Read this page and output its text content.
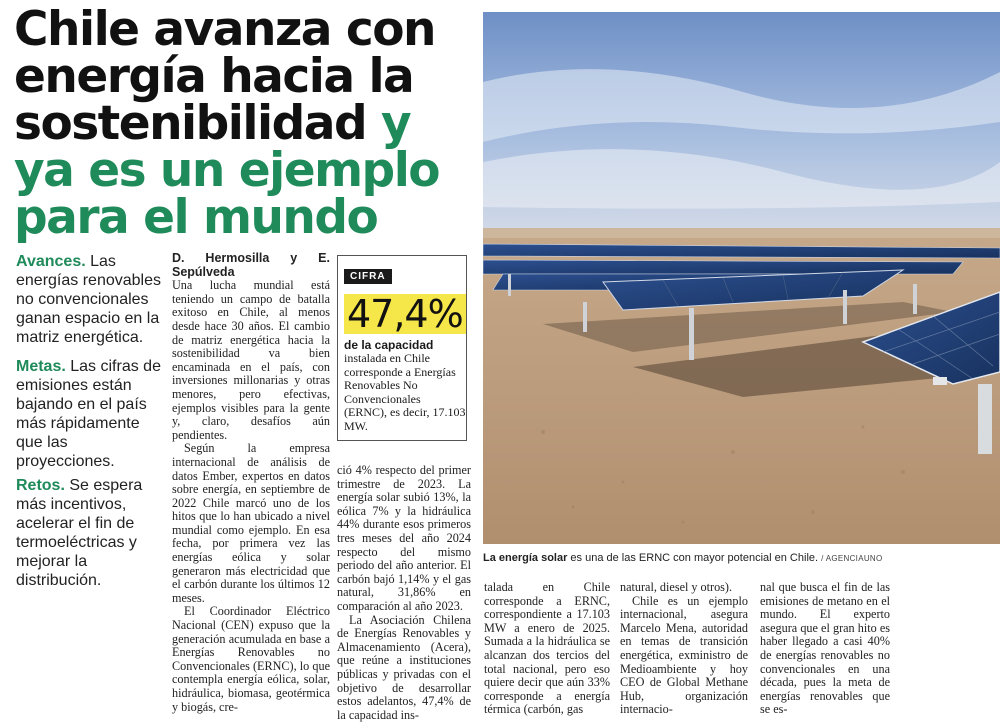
Chile avanza con energía hacia la sostenibilidad y ya es un ejemplo para el mundo
Avances. Las energías renovables no convencionales ganan espacio en la matriz energética.
Metas. Las cifras de emisiones están bajando en el país más rápidamente que las proyecciones.
Retos. Se espera más incentivos, acelerar el fin de termoeléctricas y mejorar la distribución.

D. Hermosilla y E. Sepúlveda

Una lucha mundial está teniendo un campo de batalla exitoso en Chile, al menos desde hace 30 años. El cambio de matriz energética hacia la sostenibilidad va bien encaminada en el país, con inversiones millonarias y otras menores, pero efectivas, ejemplos visibles para la gente y, claro, desafíos aún pendientes.

Según la empresa internacional de análisis de datos Ember, expertos en datos sobre energía, en septiembre de 2022 Chile marcó uno de los hitos que lo han ubicado a nivel mundial como ejemplo. En esa fecha, por primera vez las energías eólica y solar generaron más electricidad que el carbón durante los últimos 12 meses.

El Coordinador Eléctrico Nacional (CEN) expuso que la generación acumulada en base a Energías Renovables no Convencionales (ERNC), lo que contempla energía eólica, solar, hidráulica, biomasa, geotérmica y biogás, cre-

CIFRA
47,4%
de la capacidad
instalada en Chile corresponde a Energías Renovables No Convencionales (ERNC), es decir, 17.103 MW.

ció 4% respecto del primer trimestre de 2023. La energía solar subió 13%, la eólica 7% y la hidráulica 44% durante esos primeros tres meses del año 2024 respecto del mismo periodo del año anterior. El carbón bajó 1,14% y el gas natural, 31,86% en comparación al año 2023.

La Asociación Chilena de Energías Renovables y Almacenamiento (Acera), que reúne a instituciones públicas y privadas con el objetivo de desarrollar estos adelantos, 47,4% de la capacidad ins-

La energía solar es una de las ERNC con mayor potencial en Chile. / AGENCIAUNO

talada en Chile corresponde a ERNC, correspondiente a 17.103 MW a enero de 2025. Sumada a la hidráulica se alcanzan dos tercios del total nacional, pero eso quiere decir que aún 33% corresponde a energía térmica (carbón, gas

natural, diesel y otros).

Chile es un ejemplo internacional, asegura Marcelo Mena, autoridad en temas de transición energética, exministro de Medioambiente y hoy CEO de Global Methane Hub, organización internacio-

nal que busca el fin de las emisiones de metano en el mundo. El experto asegura que el gran hito es haber llegado a casi 40% de energías renovables no convencionales en una década, pues la meta de energías renovables que se es-
